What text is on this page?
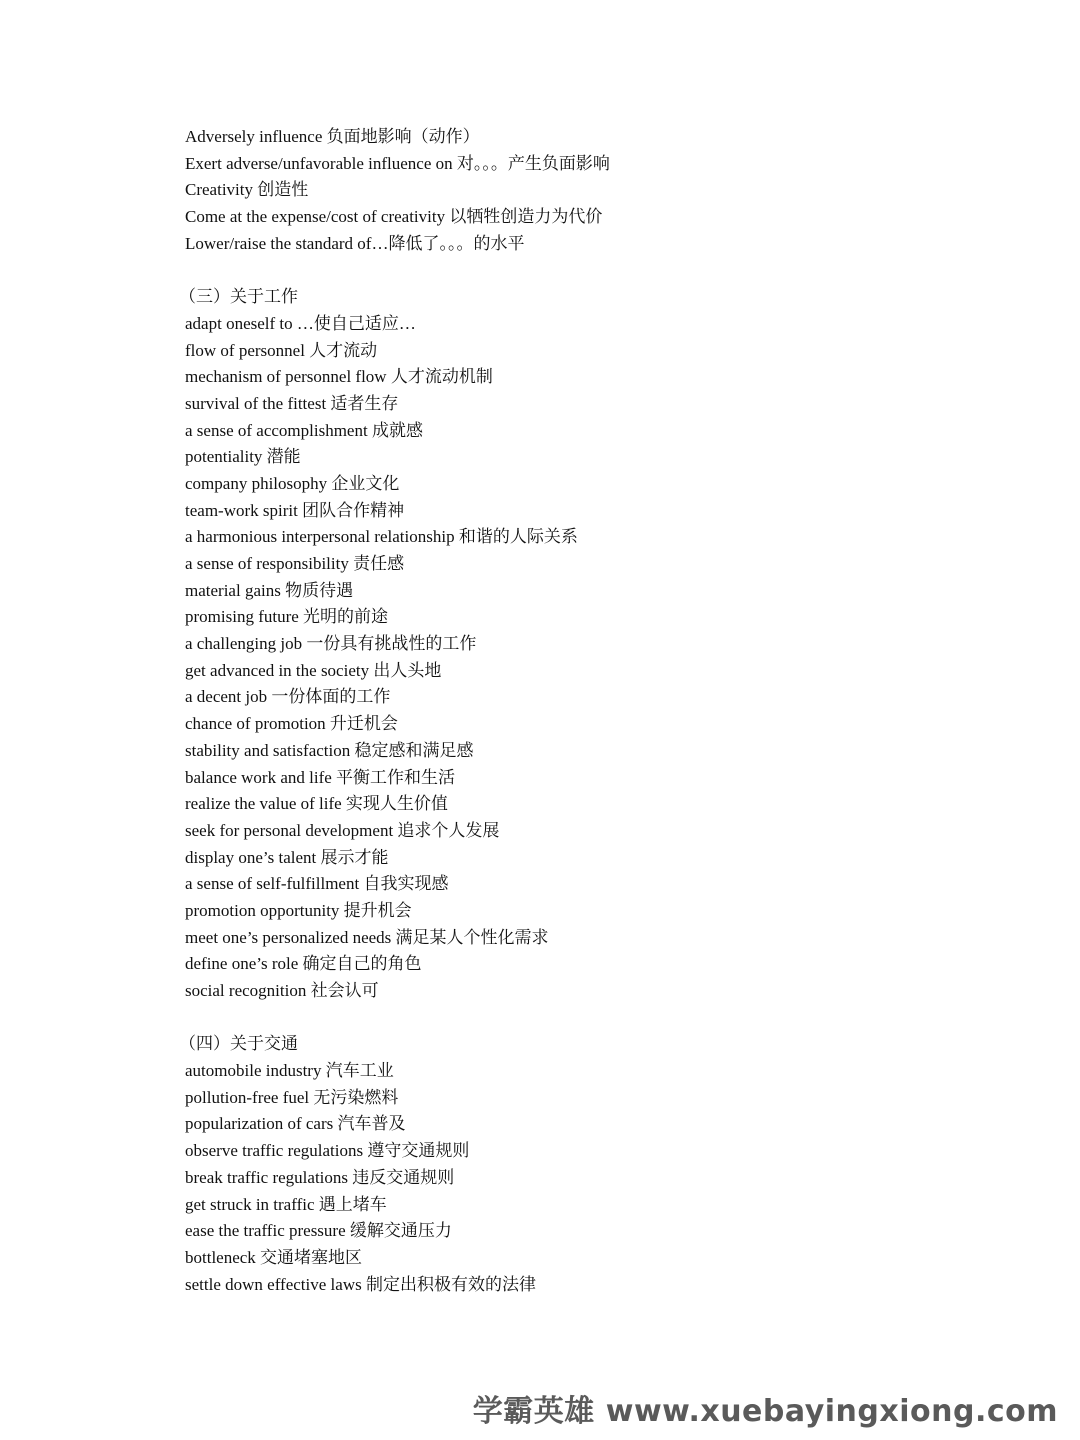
Adversely influence 负面地影响（动作）
Exert adverse/unfavorable influence on 对。。。产生负面影响
Creativity 创造性
Come at the expense/cost of creativity 以牺牲创造力为代价
Lower/raise the standard of…降低了。。。的水平
（三）关于工作
adapt oneself to …使自己适应…
flow of personnel 人才流动
mechanism of personnel flow 人才流动机制
survival of the fittest 适者生存
a sense of accomplishment 成就感
potentiality 潜能
company philosophy 企业文化
team-work spirit 团队合作精神
a harmonious interpersonal relationship 和谐的人际关系
a sense of responsibility 责任感
material gains 物质待遇
promising future 光明的前途
a challenging job 一份具有挑战性的工作
get advanced in the society 出人头地
a decent job 一份体面的工作
chance of promotion 升迁机会
stability and satisfaction 稳定感和满足感
balance work and life 平衡工作和生活
realize the value of life 实现人生价值
seek for personal development 追求个人发展
display one’s talent 展示才能
a sense of self-fulfillment 自我实现感
promotion opportunity 提升机会
meet one’s personalized needs 满足某人个性化需求
define one’s role 确定自己的角色
social recognition 社会认可
（四）关于交通
automobile industry 汽车工业
pollution-free fuel 无污染燃料
popularization of cars 汽车普及
observe traffic regulations 遵守交通规则
break traffic regulations 违反交通规则
get struck in traffic 遇上堵车
ease the traffic pressure 缓解交通压力
bottleneck 交通堵塞地区
settle down effective laws 制定出积极有效的法律
学霸英雄 www.xuebayingxiong.com
